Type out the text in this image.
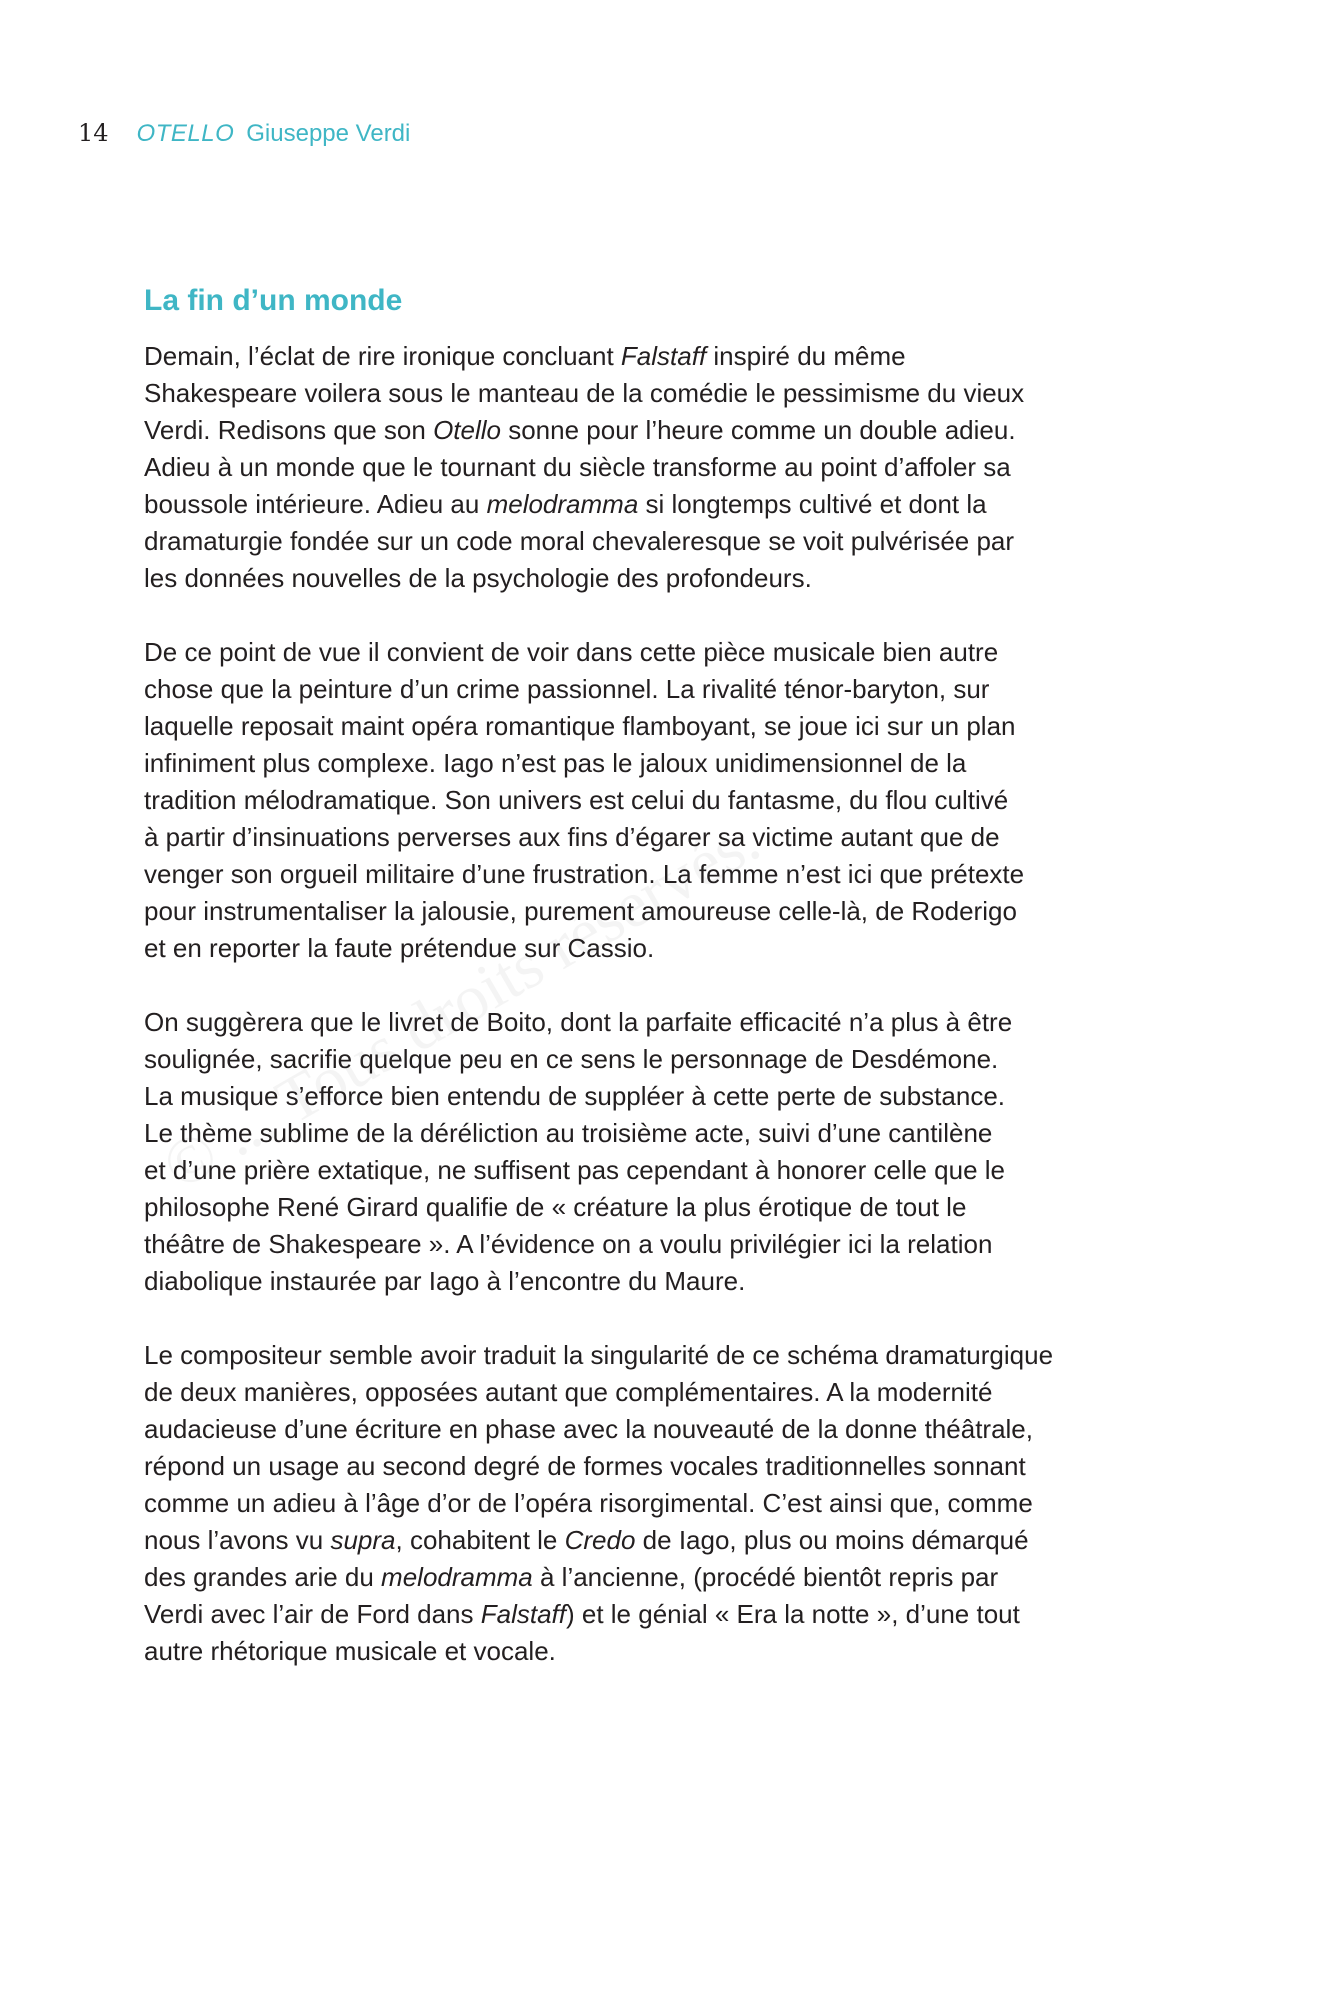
14 OTELLO Giuseppe Verdi
La fin d’un monde

Demain, l’éclat de rire ironique concluant Falstaff inspiré du même
Shakespeare voilera sous le manteau de la comédie le pessimisme du vieux
Verdi. Redisons que son Otello sonne pour l’heure comme un double adieu.
Adieu à un monde que le tournant du siècle transforme au point d’affoler sa
boussole intérieure. Adieu au melodramma si longtemps cultivé et dont la
dramaturgie fondée sur un code moral chevaleresque se voit pulvérisée par
les données nouvelles de la psychologie des profondeurs.

De ce point de vue il convient de voir dans cette pièce musicale bien autre
chose que la peinture d’un crime passionnel. La rivalité ténor-baryton, sur
laquelle reposait maint opéra romantique flamboyant, se joue ici sur un plan
infiniment plus complexe. Iago n’est pas le jaloux unidimensionnel de la
tradition mélodramatique. Son univers est celui du fantasme, du flou cultivé
à partir d’insinuations perverses aux fins d’égarer sa victime autant que de
venger son orgueil militaire d’une frustration. La femme n’est ici que prétexte
pour instrumentaliser la jalousie, purement amoureuse celle-là, de Roderigo
et en reporter la faute prétendue sur Cassio.

On suggèrera que le livret de Boito, dont la parfaite efficacité n’a plus à être
soulignée, sacrifie quelque peu en ce sens le personnage de Desdémone.
La musique s’efforce bien entendu de suppléer à cette perte de substance.
Le thème sublime de la déréliction au troisième acte, suivi d’une cantilène
et d’une prière extatique, ne suffisent pas cependant à honorer celle que le
philosophe René Girard qualifie de « créature la plus érotique de tout le
théâtre de Shakespeare ». A l’évidence on a voulu privilégier ici la relation
diabolique instaurée par Iago à l’encontre du Maure.

Le compositeur semble avoir traduit la singularité de ce schéma dramaturgique
de deux manières, opposées autant que complémentaires. A la modernité
audacieuse d’une écriture en phase avec la nouveauté de la donne théâtrale,
répond un usage au second degré de formes vocales traditionnelles sonnant
comme un adieu à l’âge d’or de l’opéra risorgimental. C’est ainsi que, comme
nous l’avons vu supra, cohabitent le Credo de Iago, plus ou moins démarqué
des grandes arie du melodramma à l’ancienne, (procédé bientôt repris par
Verdi avec l’air de Ford dans Falstaff) et le génial « Era la notte », d’une tout
autre rhétorique musicale et vocale.
